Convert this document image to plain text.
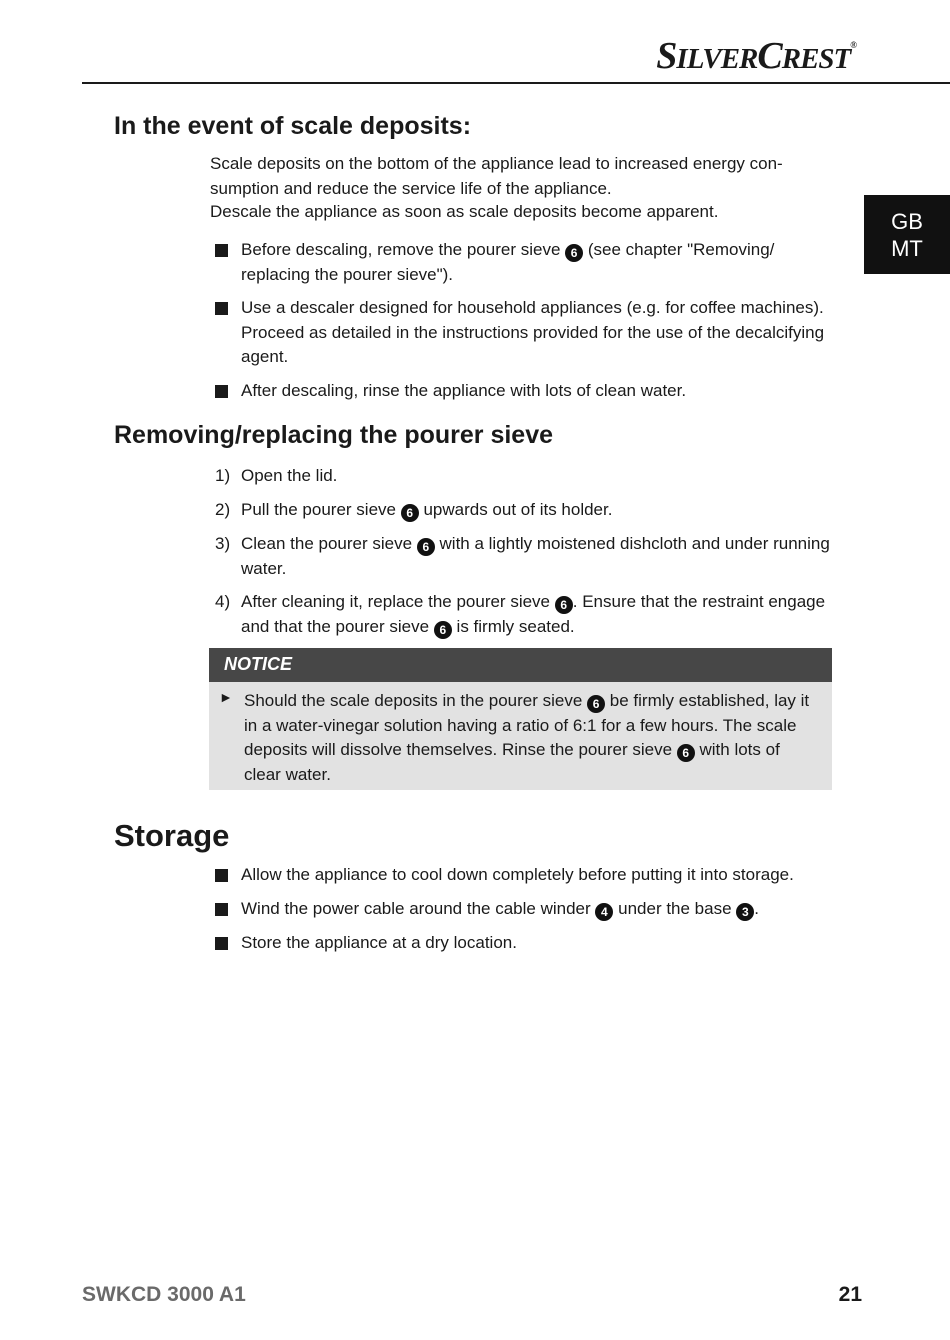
SILVERCREST®
GB
MT
In the event of scale deposits:

Scale deposits on the bottom of the appliance lead to increased energy con-sumption and reduce the service life of the appliance.

Descale the appliance as soon as scale deposits become apparent.

Before descaling, remove the pourer sieve 6 (see chapter "Removing/ replacing the pourer sieve").
Use a descaler designed for household appliances (e.g. for coffee machines). Proceed as detailed in the instructions provided for the use of the decalcifying agent.
After descaling, rinse the appliance with lots of clean water.
Removing/replacing the pourer sieve
1) Open the lid.
2) Pull the pourer sieve 6 upwards out of its holder.
3) Clean the pourer sieve 6 with a lightly moistened dishcloth and under running water.
4) After cleaning it, replace the pourer sieve 6 . Ensure that the restraint engage and that the pourer sieve 6 is firmly seated.
NOTICE
► Should the scale deposits in the pourer sieve 6 be firmly established, lay it in a water-vinegar solution having a ratio of 6:1 for a few hours. The scale deposits will dissolve themselves. Rinse the pourer sieve 6 with lots of clear water.
Storage
Allow the appliance to cool down completely before putting it into storage.
Wind the power cable around the cable winder 4 under the base 3 .
Store the appliance at a dry location.
SWKCD 3000 A1	21
